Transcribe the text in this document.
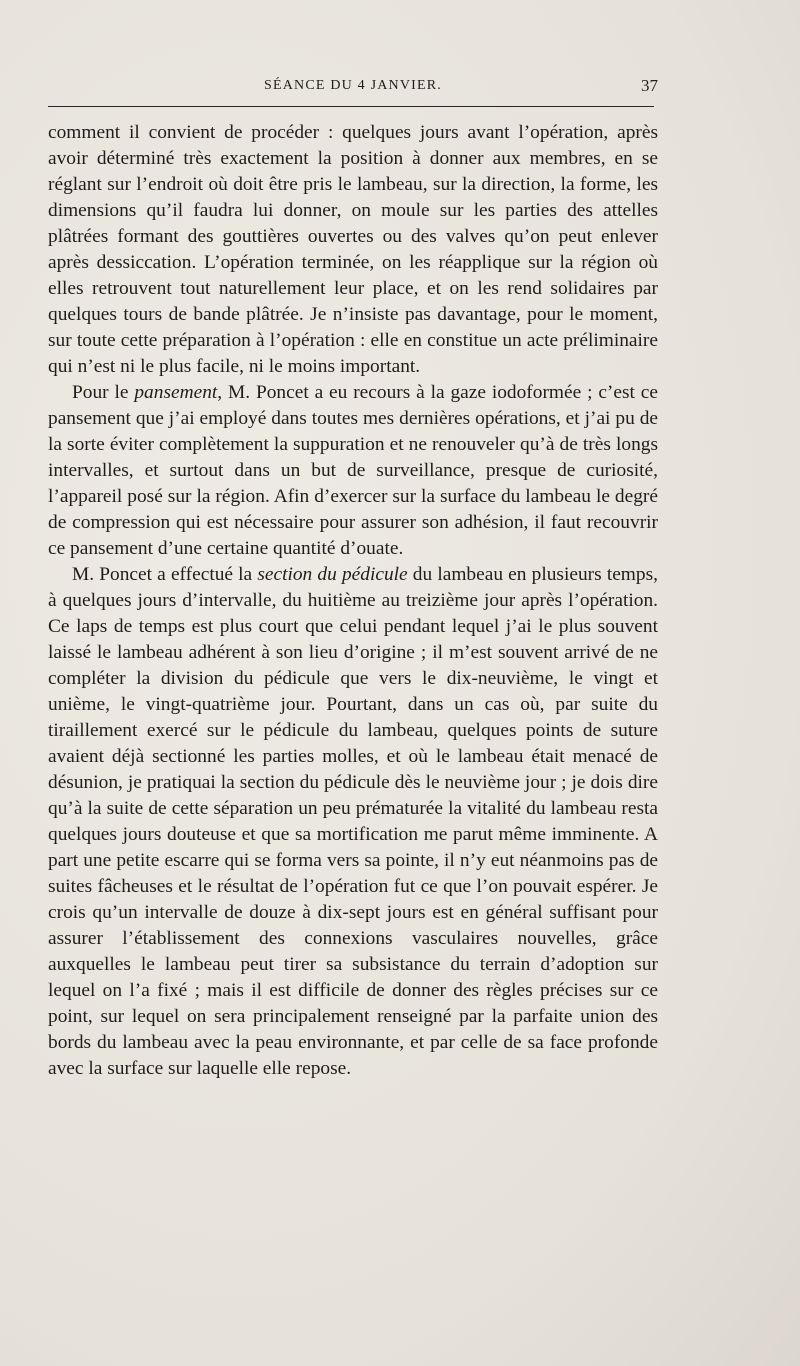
SÉANCE DU 4 JANVIER.	37

comment il convient de procéder : quelques jours avant l’opération, après avoir déterminé très exactement la position à donner aux membres, en se réglant sur l’endroit où doit être pris le lambeau, sur la direction, la forme, les dimensions qu’il faudra lui donner, on moule sur les parties des attelles plâtrées formant des gouttières ouvertes ou des valves qu’on peut enlever après dessiccation. L’opération terminée, on les réapplique sur la région où elles retrouvent tout naturellement leur place, et on les rend solidaires par quelques tours de bande plâtrée. Je n’insiste pas davantage, pour le moment, sur toute cette préparation à l’opération : elle en constitue un acte préliminaire qui n’est ni le plus facile, ni le moins important.

Pour le pansement, M. Poncet a eu recours à la gaze iodoformée ; c’est ce pansement que j’ai employé dans toutes mes dernières opérations, et j’ai pu de la sorte éviter complètement la suppuration et ne renouveler qu’à de très longs intervalles, et surtout dans un but de surveillance, presque de curiosité, l’appareil posé sur la région. Afin d’exercer sur la surface du lambeau le degré de compression qui est nécessaire pour assurer son adhésion, il faut recouvrir ce pansement d’une certaine quantité d’ouate.

M. Poncet a effectué la section du pédicule du lambeau en plusieurs temps, à quelques jours d’intervalle, du huitième au treizième jour après l’opération. Ce laps de temps est plus court que celui pendant lequel j’ai le plus souvent laissé le lambeau adhérent à son lieu d’origine ; il m’est souvent arrivé de ne compléter la division du pédicule que vers le dix-neuvième, le vingt et unième, le vingt-quatrième jour. Pourtant, dans un cas où, par suite du tiraillement exercé sur le pédicule du lambeau, quelques points de suture avaient déjà sectionné les parties molles, et où le lambeau était menacé de désunion, je pratiquai la section du pédicule dès le neuvième jour ; je dois dire qu’à la suite de cette séparation un peu prématurée la vitalité du lambeau resta quelques jours douteuse et que sa mortification me parut même imminente. A part une petite escarre qui se forma vers sa pointe, il n’y eut néanmoins pas de suites fâcheuses et le résultat de l’opération fut ce que l’on pouvait espérer. Je crois qu’un intervalle de douze à dix-sept jours est en général suffisant pour assurer l’établissement des connexions vasculaires nouvelles, grâce auxquelles le lambeau peut tirer sa subsistance du terrain d’adoption sur lequel on l’a fixé ; mais il est difficile de donner des règles précises sur ce point, sur lequel on sera principalement renseigné par la parfaite union des bords du lambeau avec la peau environnante, et par celle de sa face profonde avec la surface sur laquelle elle repose.
